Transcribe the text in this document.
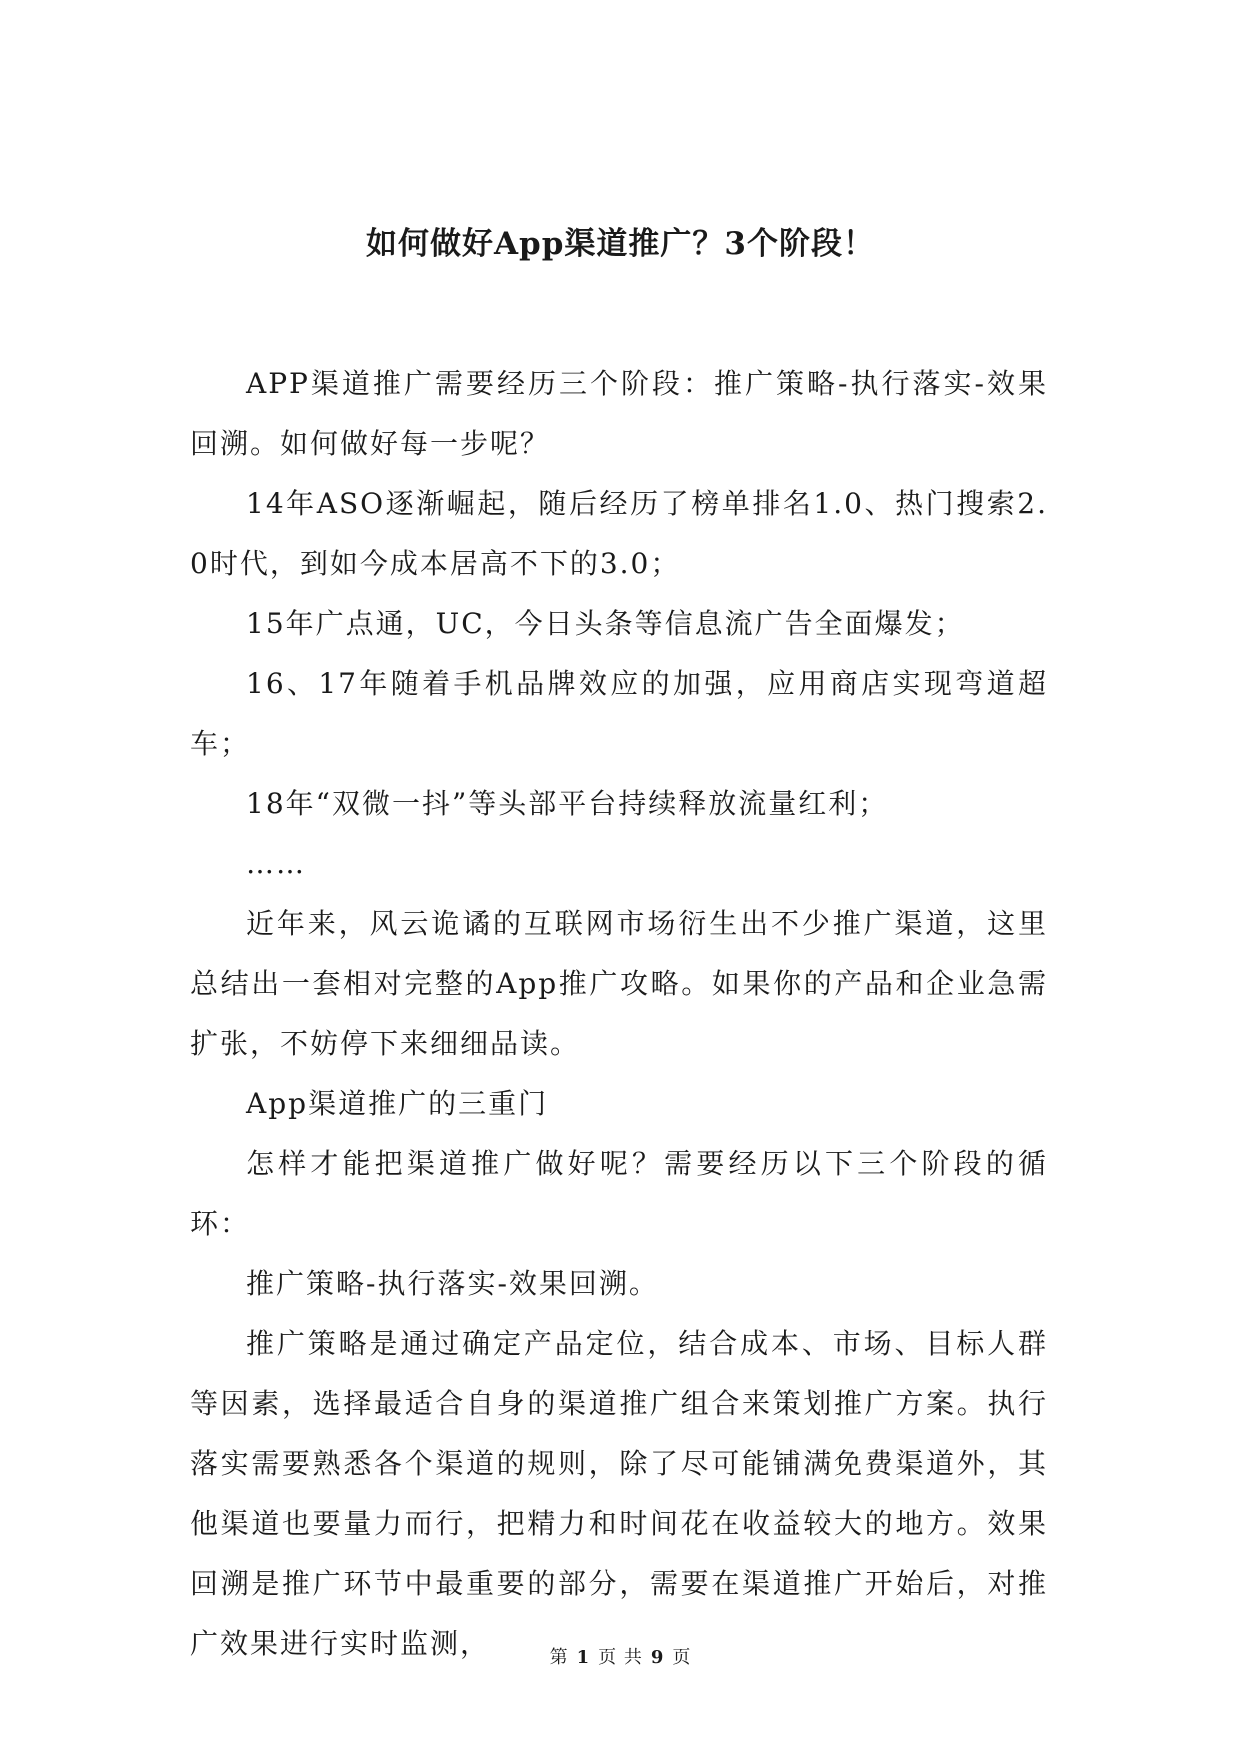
如何做好App渠道推广？3个阶段！

APP渠道推广需要经历三个阶段：推广策略-执行落实-效果回溯。如何做好每一步呢？

14年ASO逐渐崛起，随后经历了榜单排名1.0、热门搜索2.0时代，到如今成本居高不下的3.0；

15年广点通，UC，今日头条等信息流广告全面爆发；

16、17年随着手机品牌效应的加强，应用商店实现弯道超车；

18年“双微一抖”等头部平台持续释放流量红利；

……

近年来，风云诡谲的互联网市场衍生出不少推广渠道，这里总结出一套相对完整的App推广攻略。如果你的产品和企业急需扩张，不妨停下来细细品读。

App渠道推广的三重门

怎样才能把渠道推广做好呢？需要经历以下三个阶段的循环：

推广策略-执行落实-效果回溯。

推广策略是通过确定产品定位，结合成本、市场、目标人群等因素，选择最适合自身的渠道推广组合来策划推广方案。执行落实需要熟悉各个渠道的规则，除了尽可能铺满免费渠道外，其他渠道也要量力而行，把精力和时间花在收益较大的地方。效果回溯是推广环节中最重要的部分，需要在渠道推广开始后，对推广效果进行实时监测，	第 1 页 共 9 页
